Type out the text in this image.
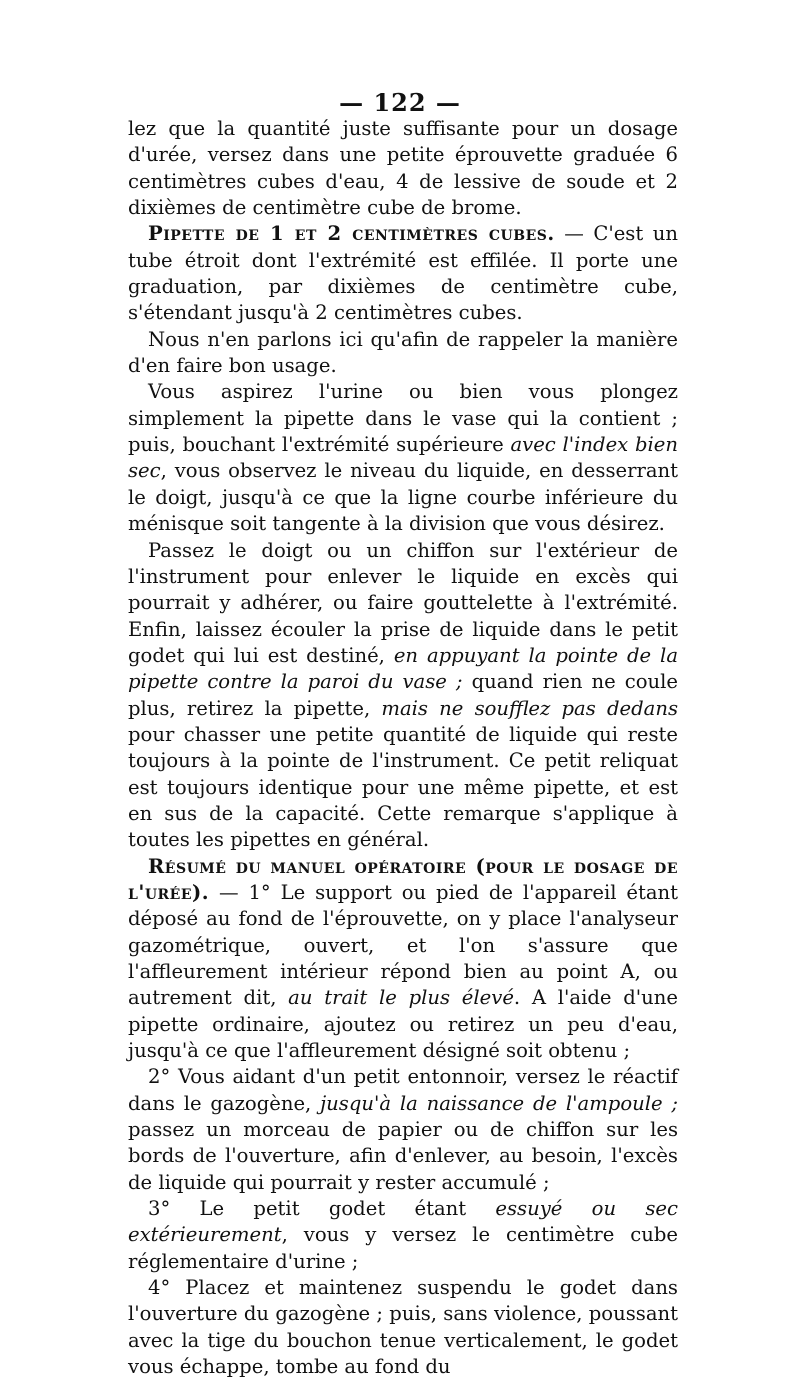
— 122 —

lez que la quantité juste suffisante pour un dosage d'urée, versez dans une petite éprouvette graduée 6 centimètres cubes d'eau, 4 de lessive de soude et 2 dixièmes de centimètre cube de brome.

Pipette de 1 et 2 centimètres cubes. — C'est un tube étroit dont l'extrémité est effilée. Il porte une graduation, par dixièmes de centimètre cube, s'étendant jusqu'à 2 centimètres cubes.

Nous n'en parlons ici qu'afin de rappeler la manière d'en faire bon usage.

Vous aspirez l'urine ou bien vous plongez simplement la pipette dans le vase qui la contient ; puis, bouchant l'extrémité supérieure avec l'index bien sec, vous observez le niveau du liquide, en desserrant le doigt, jusqu'à ce que la ligne courbe inférieure du ménisque soit tangente à la division que vous désirez.

Passez le doigt ou un chiffon sur l'extérieur de l'instrument pour enlever le liquide en excès qui pourrait y adhérer, ou faire gouttelette à l'extrémité. Enfin, laissez écouler la prise de liquide dans le petit godet qui lui est destiné, en appuyant la pointe de la pipette contre la paroi du vase ; quand rien ne coule plus, retirez la pipette, mais ne soufflez pas dedans pour chasser une petite quantité de liquide qui reste toujours à la pointe de l'instrument. Ce petit reliquat est toujours identique pour une même pipette, et est en sus de la capacité. Cette remarque s'applique à toutes les pipettes en général.

Résumé du manuel opératoire (pour le dosage de l'urée). — 1° Le support ou pied de l'appareil étant déposé au fond de l'éprouvette, on y place l'analyseur gazométrique, ouvert, et l'on s'assure que l'affleurement intérieur répond bien au point A, ou autrement dit, au trait le plus élevé. A l'aide d'une pipette ordinaire, ajoutez ou retirez un peu d'eau, jusqu'à ce que l'affleurement désigné soit obtenu ;

2° Vous aidant d'un petit entonnoir, versez le réactif dans le gazogène, jusqu'à la naissance de l'ampoule ; passez un morceau de papier ou de chiffon sur les bords de l'ouverture, afin d'enlever, au besoin, l'excès de liquide qui pourrait y rester accumulé ;

3° Le petit godet étant essuyé ou sec extérieurement, vous y versez le centimètre cube réglementaire d'urine ;

4° Placez et maintenez suspendu le godet dans l'ouverture du gazogène ; puis, sans violence, poussant avec la tige du bouchon tenue verticalement, le godet vous échappe, tombe au fond du
